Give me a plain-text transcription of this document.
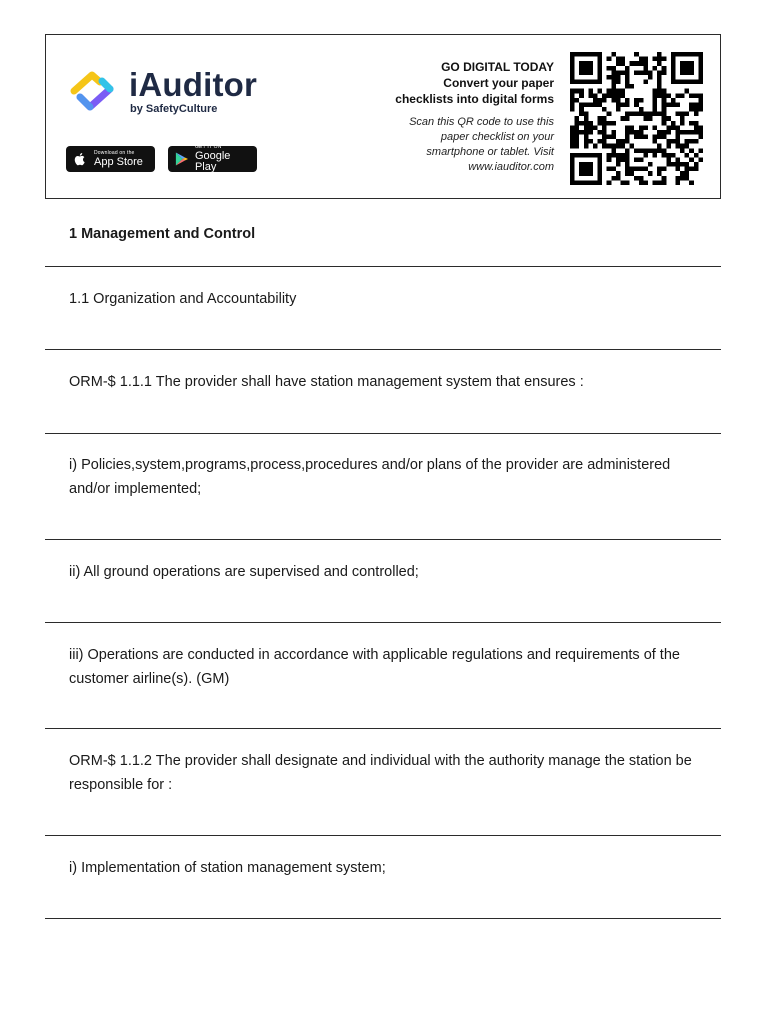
iAuditor
by SafetyCulture
Download on the
App Store
GET IT ON
Google Play
GO DIGITAL TODAY
Convert your paper
checklists into digital forms
Scan this QR code to use this
paper checklist on your
smartphone or tablet. Visit
www.iauditor.com
1 Management and Control
1.1 Organization and Accountability
ORM-$ 1.1.1 The provider shall have station management system that ensures :
i) Policies,system,programs,process,procedures and/or plans of the provider are administered and/or implemented;
ii) All ground operations are supervised and controlled;
iii) Operations are conducted in accordance with applicable regulations and requirements of the customer airline(s). (GM)
ORM-$ 1.1.2 The provider shall designate and individual with the authority manage the station be responsible for :
i) Implementation of station management system;
